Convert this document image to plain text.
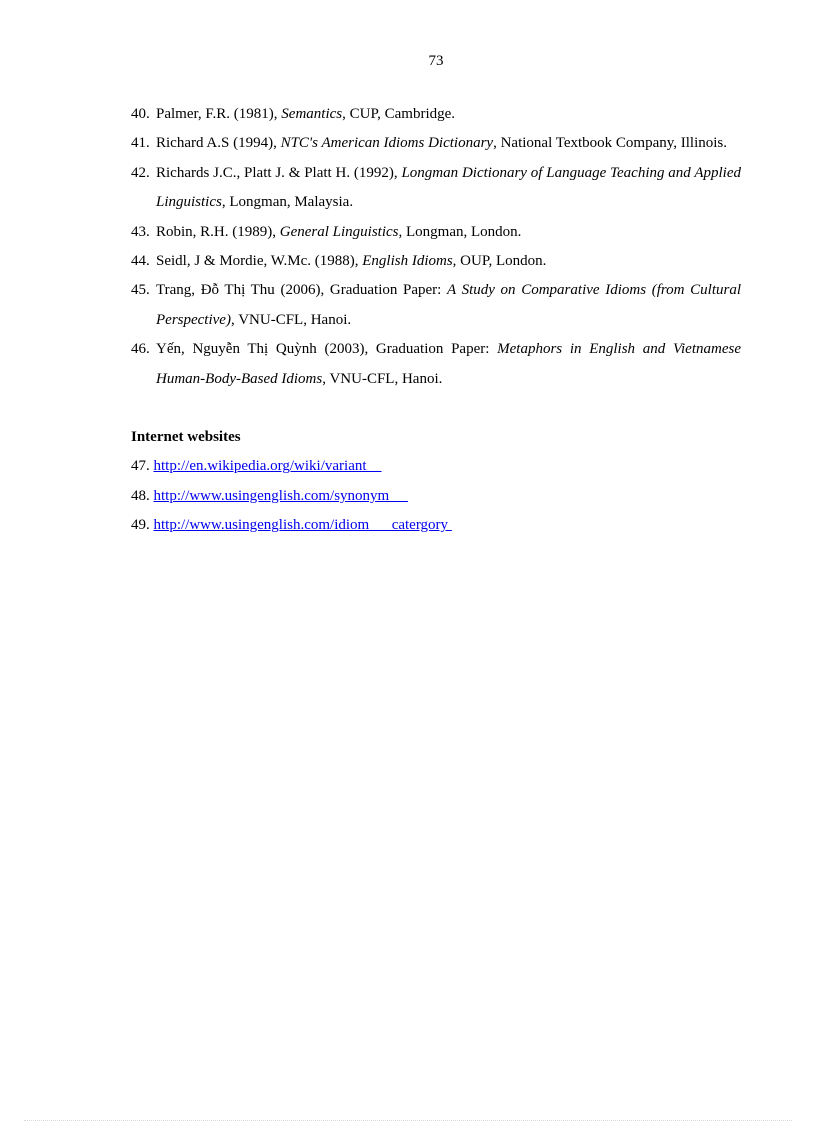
73
40. Palmer, F.R. (1981), Semantics, CUP, Cambridge.
41. Richard A.S (1994), NTC's American Idioms Dictionary, National Textbook Company, Illinois.
42. Richards J.C., Platt J. & Platt H. (1992), Longman Dictionary of Language Teaching and Applied Linguistics, Longman, Malaysia.
43. Robin, R.H. (1989), General Linguistics, Longman, London.
44. Seidl, J & Mordie, W.Mc. (1988), English Idioms, OUP, London.
45. Trang, Đỗ Thị Thu (2006), Graduation Paper: A Study on Comparative Idioms (from Cultural Perspective), VNU-CFL, Hanoi.
46. Yến, Nguyễn Thị Quỳnh (2003), Graduation Paper: Metaphors in English and Vietnamese Human-Body-Based Idioms, VNU-CFL, Hanoi.
Internet websites
47. http://en.wikipedia.org/wiki/variant
48. http://www.usingenglish.com/synonym
49. http://www.usingenglish.com/idiom      catergory
